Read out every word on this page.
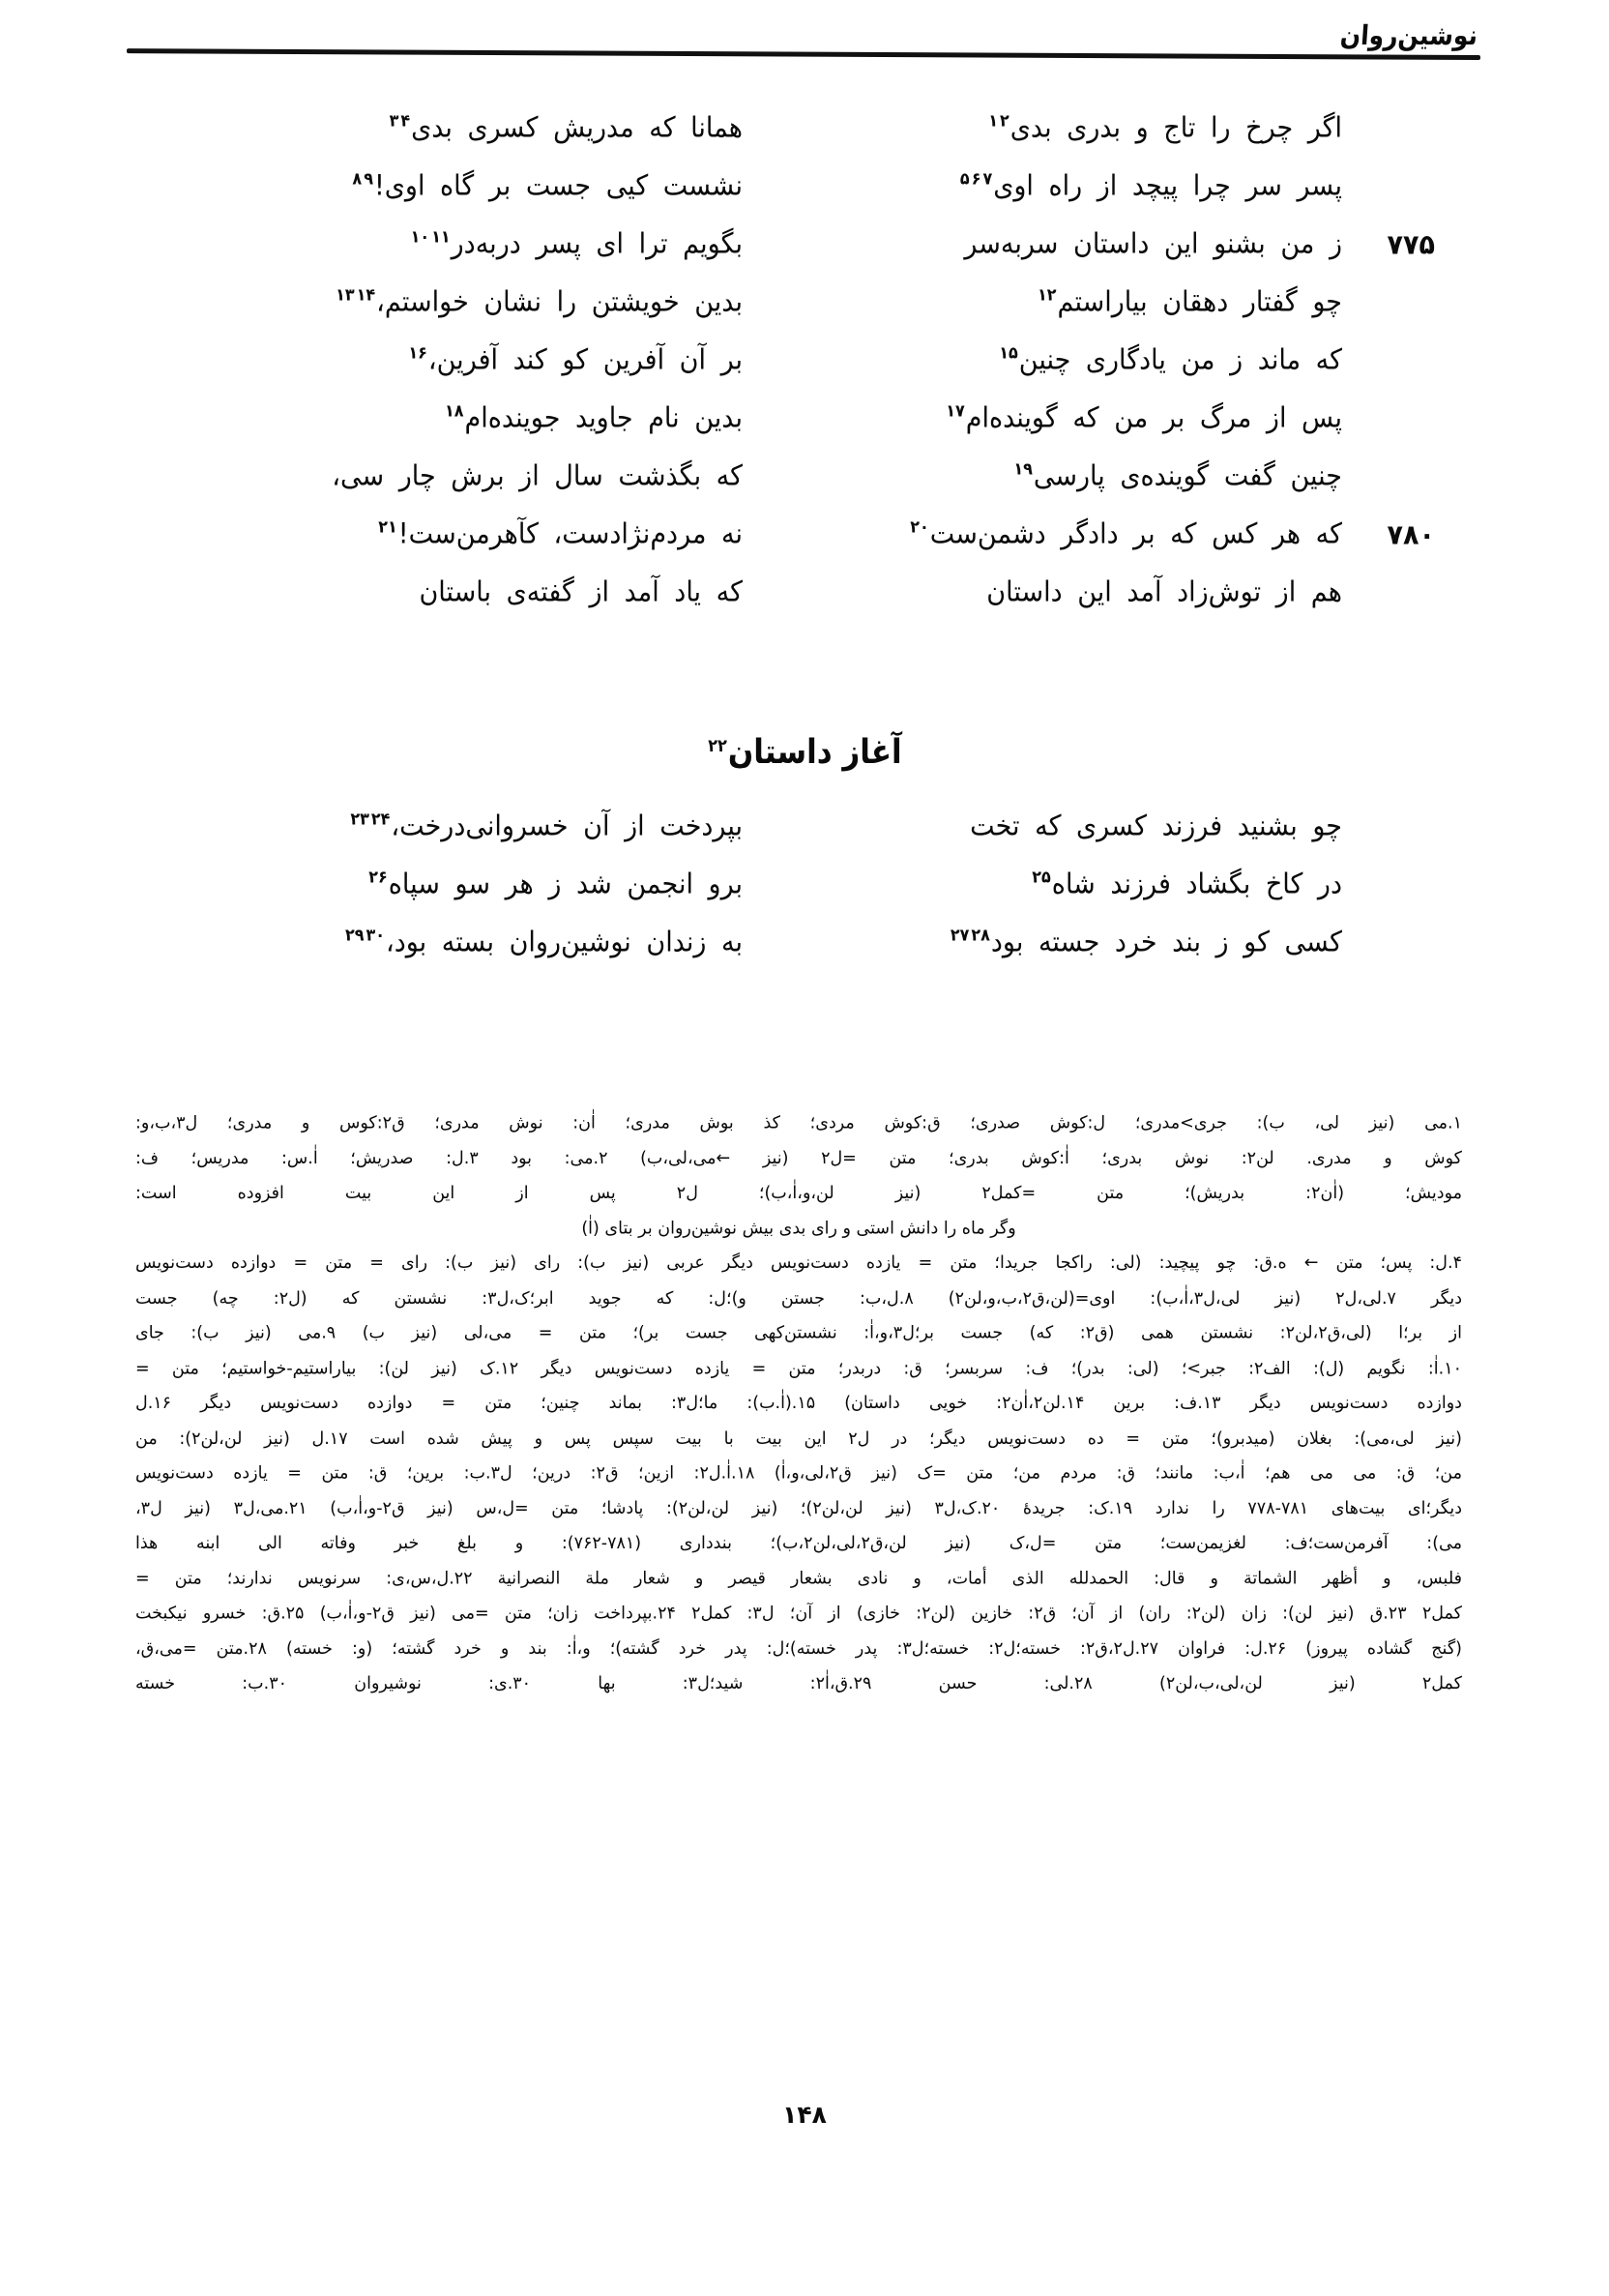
نوشین‌روان
اگر چرخ را تاج و بدری بدی$^۱$ $^۲$
همانا که مدریش کسری بدی$^۳$ $^۴$
پسر سر چرا پیچد از راه اوی$^۵$ $^۶$ $^۷$
نشست کیی جست بر گاه اوی!$^۸$ $^۹$
۷۷۵
ز من بشنو این داستان سربه‌سر
بگویم ترا ای پسر دربه‌در$^{۱۰}$ $^{۱۱}$
چو گفتار دهقان بیاراستم$^{۱۲}$
بدین خویشتن را نشان خواستم،$^{۱۳}$ $^{۱۴}$
که ماند ز من یادگاری چنین$^{۱۵}$
بر آن آفرین کو کند آفرین،$^{۱۶}$
پس از مرگ بر من که گوینده‌ام$^{۱۷}$
بدین نام جاوید جوینده‌ام$^{۱۸}$
چنین گفت گوینده‌ی پارسی$^{۱۹}$
که بگذشت سال از برش چار سی،
۷۸۰
که هر کس که بر دادگر دشمن‌ست$^{۲۰}$
نه مردم‌نژادست، کآهرمن‌ست!$^{۲۱}$
هم از توش‌زاد آمد این داستان
که یاد آمد از گفته‌ی باستان
آغاز داستان$^{۲۲}$
چو بشنید فرزند کسری که تخت
بپردخت از آن خسروانی‌درخت،$^{۲۳}$ $^{۲۴}$
در کاخ بگشاد فرزند شاه$^{۲۵}$
برو انجمن شد ز هر سو سپاه$^{۲۶}$
کسی کو ز بند خرد جسته بود$^{۲۷}$ $^{۲۸}$
به زندان نوشین‌روان بسته بود،$^{۲۹}$ $^{۳۰}$

۱.می (نیز لی، ب): جری>مدری؛ ل:کوش صدری؛ ق:کوش مردی؛ کذ بوش مدری؛ اٰن: نوش مدری؛ ق۲:کوس و مدری؛ ل۳،ب،و:

کوش و مدری. لن۲: نوش بدری؛ اٰ:کوش بدری؛ متن =ل۲ (نیز ←می،لی،ب) ۲.می: بود ۳.ل: صدریش؛ اٰ.س: مدریس؛ ف:

مودیش؛ (اٰن۲: بدریش)؛ متن =کمل۲ (نیز لن،و،اٰ،ب)؛ ل۲ پس از این بیت افزوده است:

وگر ماه را دانش استی و رای بدی بیش نوشین‌روان بر بتای (اٰ)

۴.ل: پس؛ متن ← ه.ق: چو پیچید: (لی: راکجا جریدا؛ متن = یازده دست‌نویس دیگر عربی (نیز ب): رای (نیز ب): رای = متن = دوازده دست‌نویس

دیگر ۷.لی،ل۲ (نیز لی،ل۳،اٰ،ب): اوی=(لن،ق۲،ب،و،لن۲) ۸.ل،ب: جستن و)؛ل: که جوید ابر؛ک،ل۳: نشستن که (ل۲: چه) جست

از بر؛ا (لی،ق۲،لن۲: نشستن همی (ق۲: که) جست بر؛ل۳،و،اٰ: نشستن‌کهی جست بر)؛ متن = می،لی (نیز ب) ۹.می (نیز ب): جای

۱۰.اٰ: نگویم (ل): الف۲: جبر>؛ (لی: بدر)؛ ف: سربسر؛ ق: دربدر؛ متن = یازده دست‌نویس دیگر ۱۲.ک (نیز لن): بیاراستیم-خواستیم؛ متن =

دوازده دست‌نویس دیگر ۱۳.ف: برین ۱۴.لن۲،اٰن۲: خویی داستان) ۱۵.(اٰ.ب): ما؛ل۳: بماند چنین؛ متن = دوازده دست‌نویس دیگر ۱۶.ل

(نیز لی،می): بغلان (میدبرو)؛ متن = ده دست‌نویس دیگر؛ در ل۲ این بیت با بیت سپس پس و پیش شده است ۱۷.ل (نیز لن،لن۲): من

من؛ ق: می می هم؛ اٰ،ب: مانند؛ ق: مردم من؛ متن =ک (نیز ق۲،لی،و،اٰ) ۱۸.اٰ.ل۲: ازین؛ ق۲: درین؛ ل۳.ب: برین؛ ق: متن = یازده دست‌نویس

دیگر؛ای بیت‌های ۷۸۱-۷۷۸ را ندارد ۱۹.ک: جریدهٔ ۲۰.ک،ل۳ (نیز لن،لن۲)؛ (نیز لن،لن۲): پادشا؛ متن =ل،س (نیز ق۲-و،اٰ،ب) ۲۱.می،ل۳ (نیز ل۳،

می): آفرمن‌ست؛ف: لغزیمن‌ست؛ متن =ل،ک (نیز لن،ق۲،لی،لن۲،ب)؛ بندداری (۷۸۱-۷۶۲): و بلغ خبر وفاته الی ابنه هذا

فلبس، و أظهر الشماتة و قال: الحمدلله الذی أمات، و نادی بشعار قیصر و شعار ملة النصرانیة ۲۲.ل،س،ی: سرنویس ندارند؛ متن =

کمل۲ ۲۳.ق (نیز لن): زان (لن۲: ران) از آن؛ ق۲: خازین (لن۲: خازی) از آن؛ ل۳: کمل۲ ۲۴.بپرداخت زان؛ متن =می (نیز ق۲-و،اٰ،ب) ۲۵.ق: خسرو نیکبخت

(گنج گشاده پیروز) ۲۶.ل: فراوان ۲۷.ل۲،ق۲: خسته؛ل۲: خسته؛ل۳: پدر خسته)؛ل: پدر خرد گشته)؛ و،اٰ: بند و خرد گشته؛ (و: خسته) ۲۸.متن =می،ق،

کمل۲ (نیز لن،لی،ب،لن۲) ۲۸.لی: حسن ۲۹.ق،اٰ۲: شید؛ل۳: بها ۳۰.ی: نوشیروان ۳۰.ب: خسته

۱۴۸
